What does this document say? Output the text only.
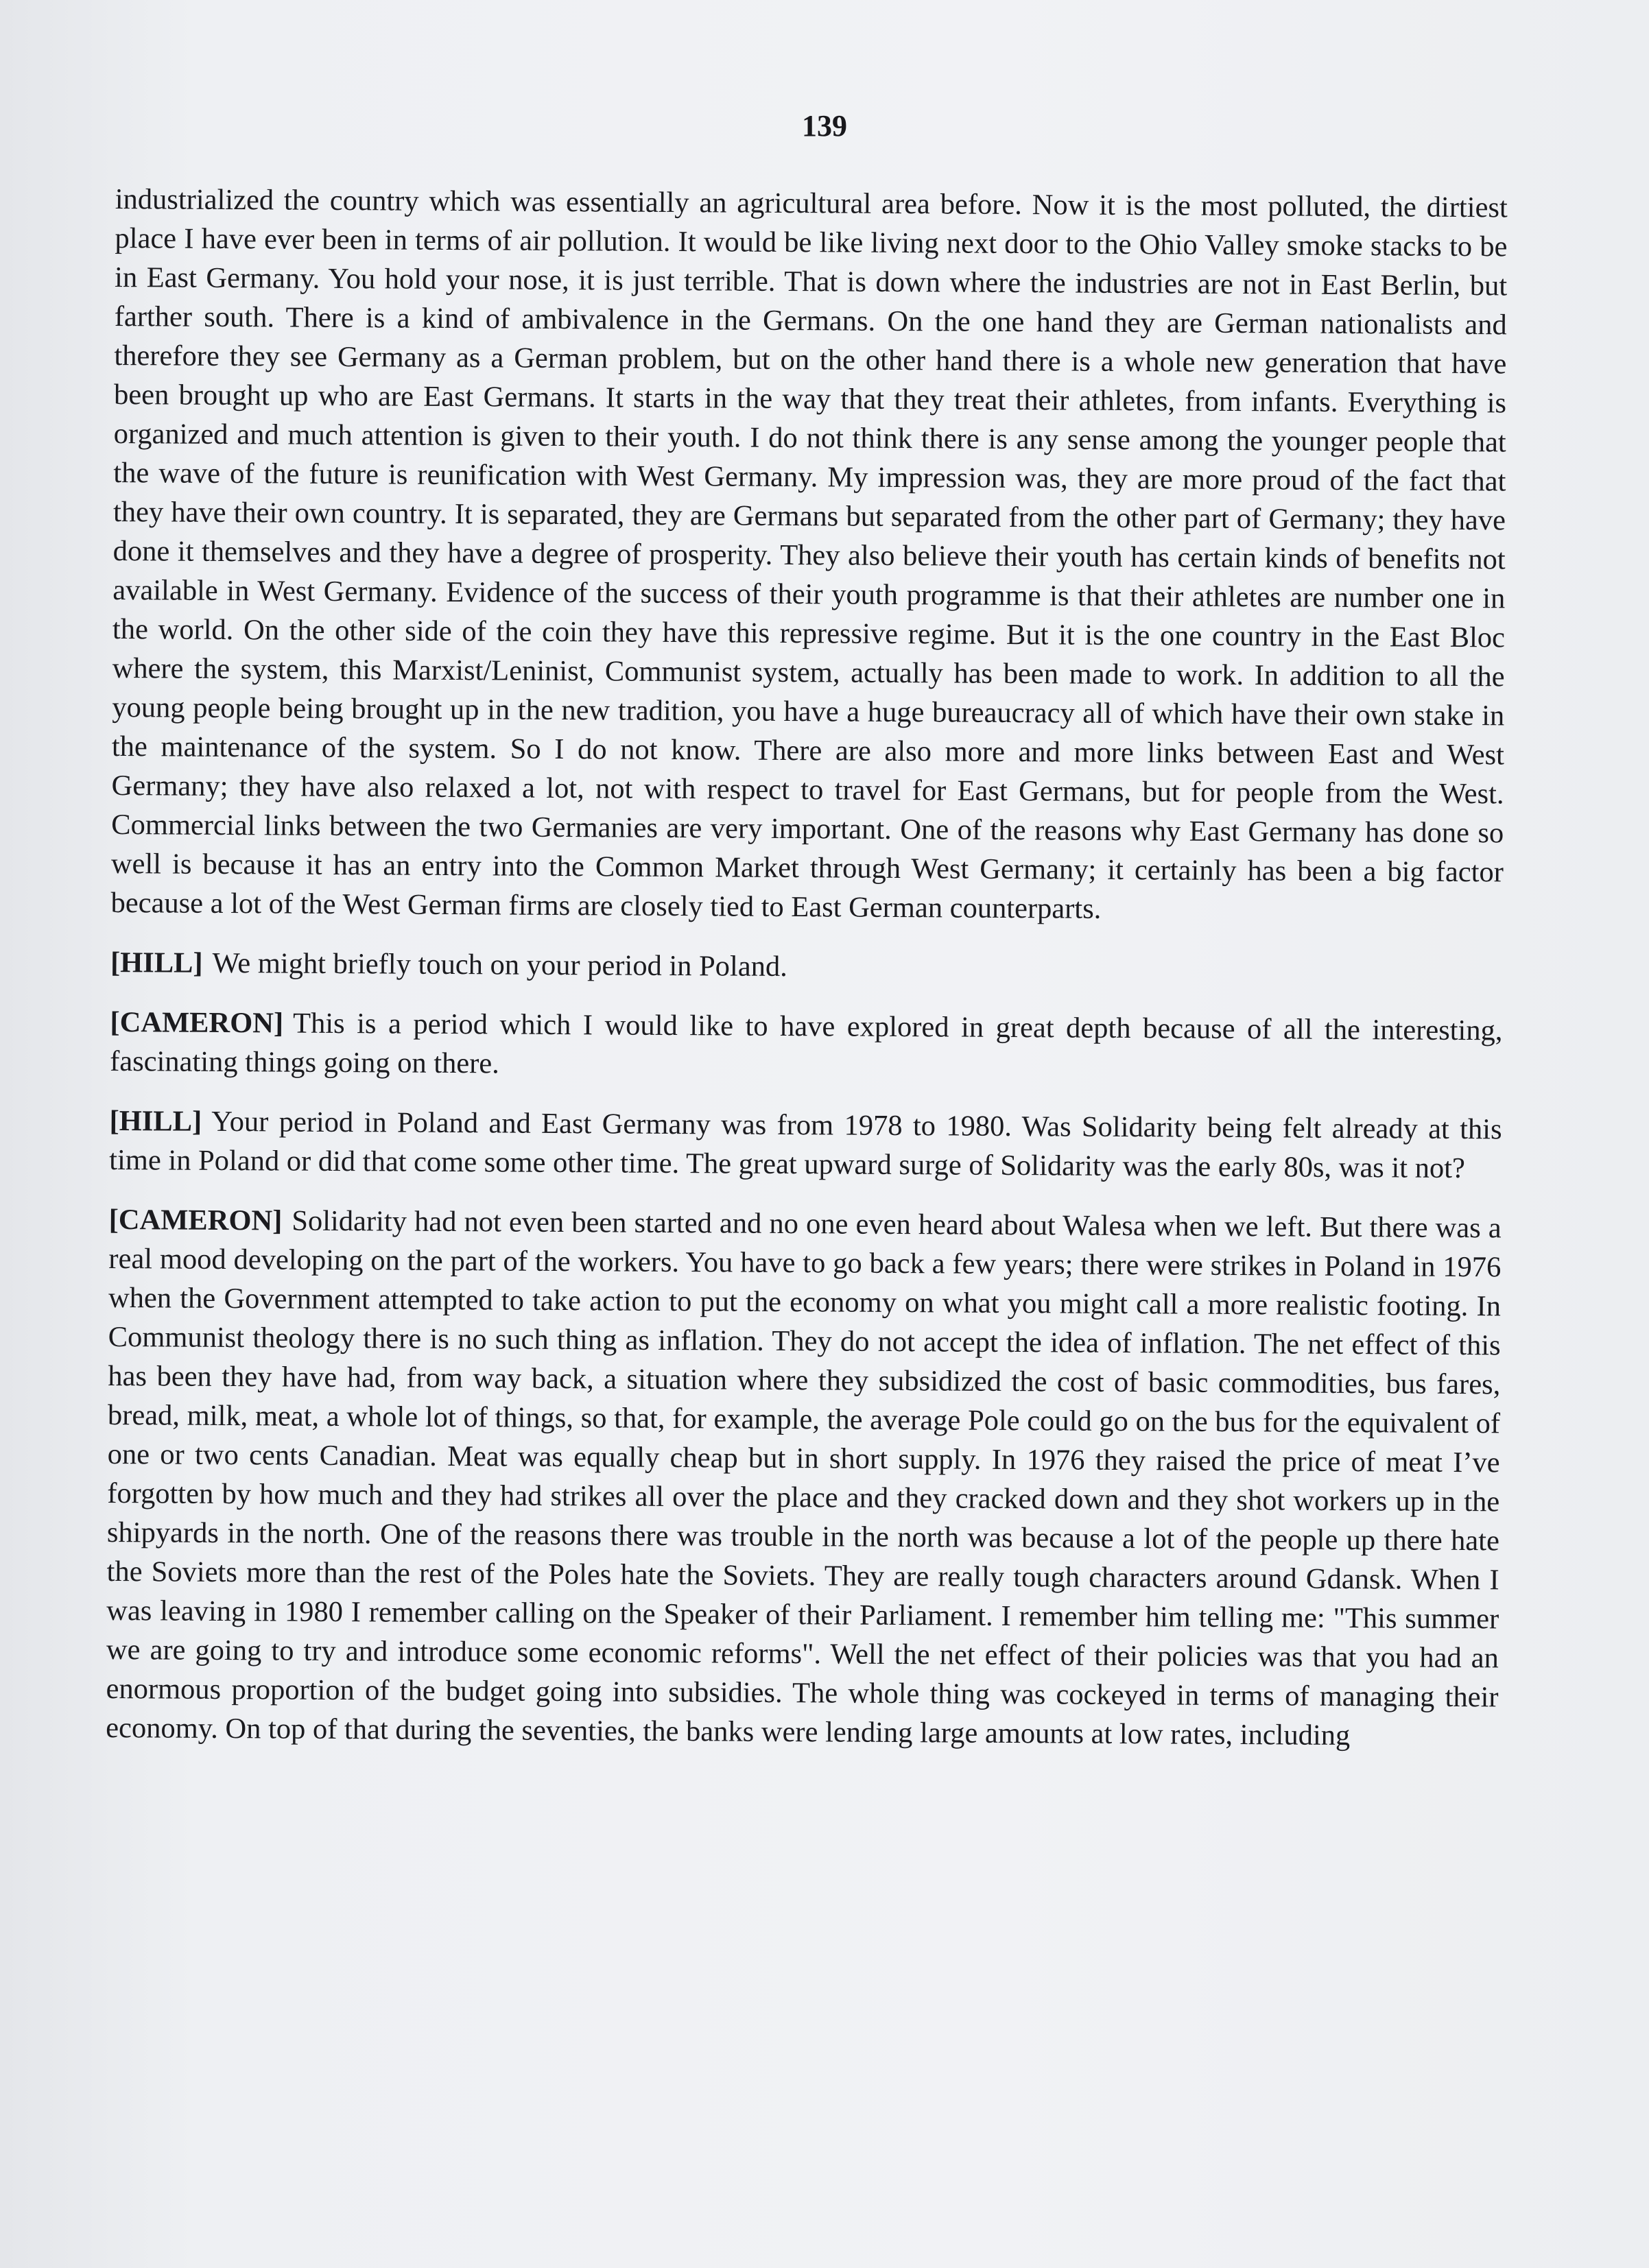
139

industrialized the country which was essentially an agricultural area before. Now it is the most polluted, the dirtiest place I have ever been in terms of air pollution. It would be like living next door to the Ohio Valley smoke stacks to be in East Germany. You hold your nose, it is just terrible. That is down where the industries are not in East Berlin, but farther south. There is a kind of ambivalence in the Germans. On the one hand they are German nationalists and therefore they see Germany as a German problem, but on the other hand there is a whole new generation that have been brought up who are East Germans. It starts in the way that they treat their athletes, from infants. Everything is organized and much attention is given to their youth. I do not think there is any sense among the younger people that the wave of the future is reunification with West Germany. My impression was, they are more proud of the fact that they have their own country. It is separated, they are Germans but separated from the other part of Germany; they have done it themselves and they have a degree of prosperity. They also believe their youth has certain kinds of benefits not available in West Germany. Evidence of the success of their youth programme is that their athletes are number one in the world. On the other side of the coin they have this repressive regime. But it is the one country in the East Bloc where the system, this Marxist/Leninist, Communist system, actually has been made to work. In addition to all the young people being brought up in the new tradition, you have a huge bureaucracy all of which have their own stake in the maintenance of the system. So I do not know. There are also more and more links between East and West Germany; they have also relaxed a lot, not with respect to travel for East Germans, but for people from the West. Commercial links between the two Germanies are very important. One of the reasons why East Germany has done so well is because it has an entry into the Common Market through West Germany; it certainly has been a big factor because a lot of the West German firms are closely tied to East German counterparts.

[HILL] We might briefly touch on your period in Poland.

[CAMERON] This is a period which I would like to have explored in great depth because of all the interesting, fascinating things going on there.

[HILL] Your period in Poland and East Germany was from 1978 to 1980. Was Solidarity being felt already at this time in Poland or did that come some other time. The great upward surge of Solidarity was the early 80s, was it not?

[CAMERON] Solidarity had not even been started and no one even heard about Walesa when we left. But there was a real mood developing on the part of the workers. You have to go back a few years; there were strikes in Poland in 1976 when the Government attempted to take action to put the economy on what you might call a more realistic footing. In Communist theology there is no such thing as inflation. They do not accept the idea of inflation. The net effect of this has been they have had, from way back, a situation where they subsidized the cost of basic commodities, bus fares, bread, milk, meat, a whole lot of things, so that, for example, the average Pole could go on the bus for the equivalent of one or two cents Canadian. Meat was equally cheap but in short supply. In 1976 they raised the price of meat I’ve forgotten by how much and they had strikes all over the place and they cracked down and they shot workers up in the shipyards in the north. One of the reasons there was trouble in the north was because a lot of the people up there hate the Soviets more than the rest of the Poles hate the Soviets. They are really tough characters around Gdansk. When I was leaving in 1980 I remember calling on the Speaker of their Parliament. I remember him telling me: "This summer we are going to try and introduce some economic reforms". Well the net effect of their policies was that you had an enormous proportion of the budget going into subsidies. The whole thing was cockeyed in terms of managing their economy. On top of that during the seventies, the banks were lending large amounts at low rates, including
